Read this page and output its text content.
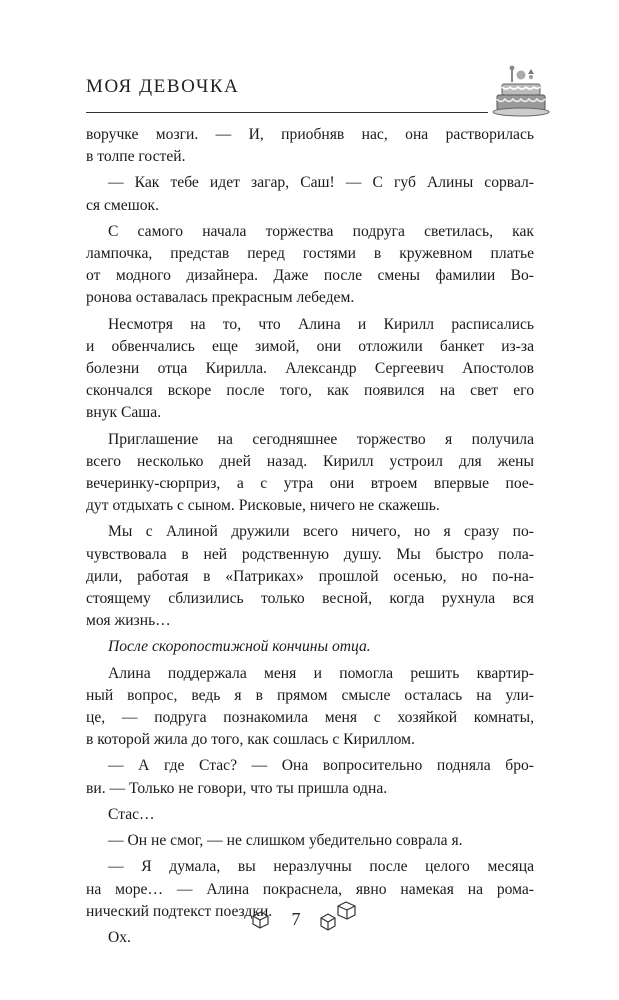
МОЯ ДЕВОЧКА

воручке мозги. — И, приобняв нас, она растворилась

в толпе гостей.

— Как тебе идет загар, Саш! — С губ Алины сорвал-

ся смешок.

С самого начала торжества подруга светилась, как

лампочка, представ перед гостями в кружевном платье

от модного дизайнера. Даже после смены фамилии Во-

ронова оставалась прекрасным лебедем.

Несмотря на то, что Алина и Кирилл расписались

и обвенчались еще зимой, они отложили банкет из-за

болезни отца Кирилла. Александр Сергеевич Апостолов

скончался вскоре после того, как появился на свет его

внук Саша.

Приглашение на сегодняшнее торжество я получила

всего несколько дней назад. Кирилл устроил для жены

вечеринку-сюрприз, а с утра они втроем впервые пое-

дут отдыхать с сыном. Рисковые, ничего не скажешь.

Мы с Алиной дружили всего ничего, но я сразу по-

чувствовала в ней родственную душу. Мы быстро пола-

дили, работая в «Патриках» прошлой осенью, но по-на-

стоящему сблизились только весной, когда рухнула вся

моя жизнь…

После скоропостижной кончины отца.

Алина поддержала меня и помогла решить квартир-

ный вопрос, ведь я в прямом смысле осталась на ули-

це, — подруга познакомила меня с хозяйкой комнаты,

в которой жила до того, как сошлась с Кириллом.

— А где Стас? — Она вопросительно подняла бро-

ви. — Только не говори, что ты пришла одна.

Стас…

— Он не смог, — не слишком убедительно соврала я.

— Я думала, вы неразлучны после целого месяца

на море… — Алина покраснела, явно намекая на рома-

нический подтекст поездки.

Ох.

7
